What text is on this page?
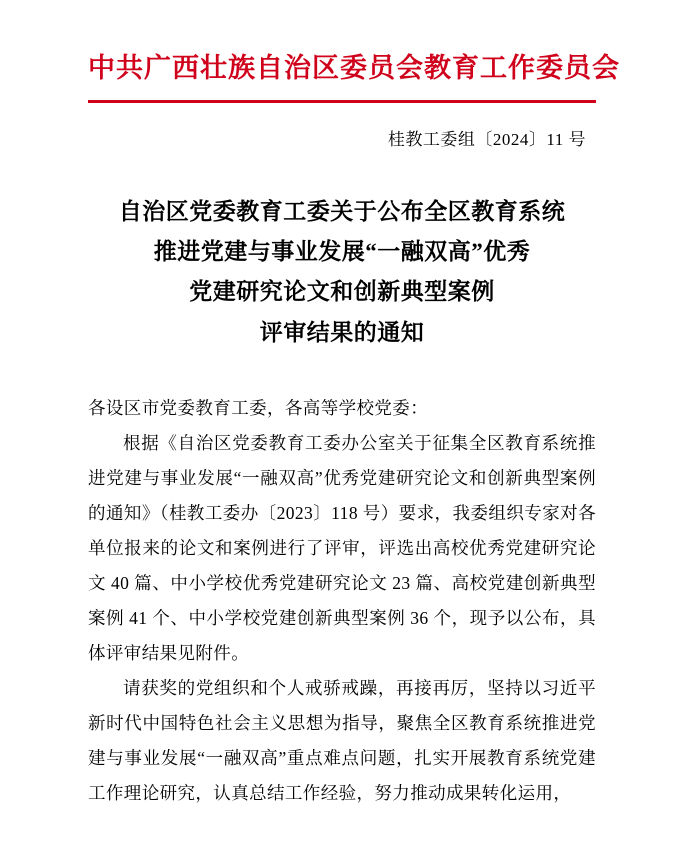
中共广西壮族自治区委员会教育工作委员会
桂教工委组〔2024〕11 号
自治区党委教育工委关于公布全区教育系统
推进党建与事业发展“一融双高”优秀
党建研究论文和创新典型案例
评审结果的通知

各设区市党委教育工委，各高等学校党委：

根据《自治区党委教育工委办公室关于征集全区教育系统推进党建与事业发展“一融双高”优秀党建研究论文和创新典型案例的通知》（桂教工委办〔2023〕118 号）要求，我委组织专家对各单位报来的论文和案例进行了评审，评选出高校优秀党建研究论文 40 篇、中小学校优秀党建研究论文 23 篇、高校党建创新典型案例 41 个、中小学校党建创新典型案例 36 个，现予以公布，具体评审结果见附件。

请获奖的党组织和个人戒骄戒躁，再接再厉，坚持以习近平新时代中国特色社会主义思想为指导，聚焦全区教育系统推进党建与事业发展“一融双高”重点难点问题，扎实开展教育系统党建工作理论研究，认真总结工作经验，努力推动成果转化运用，
